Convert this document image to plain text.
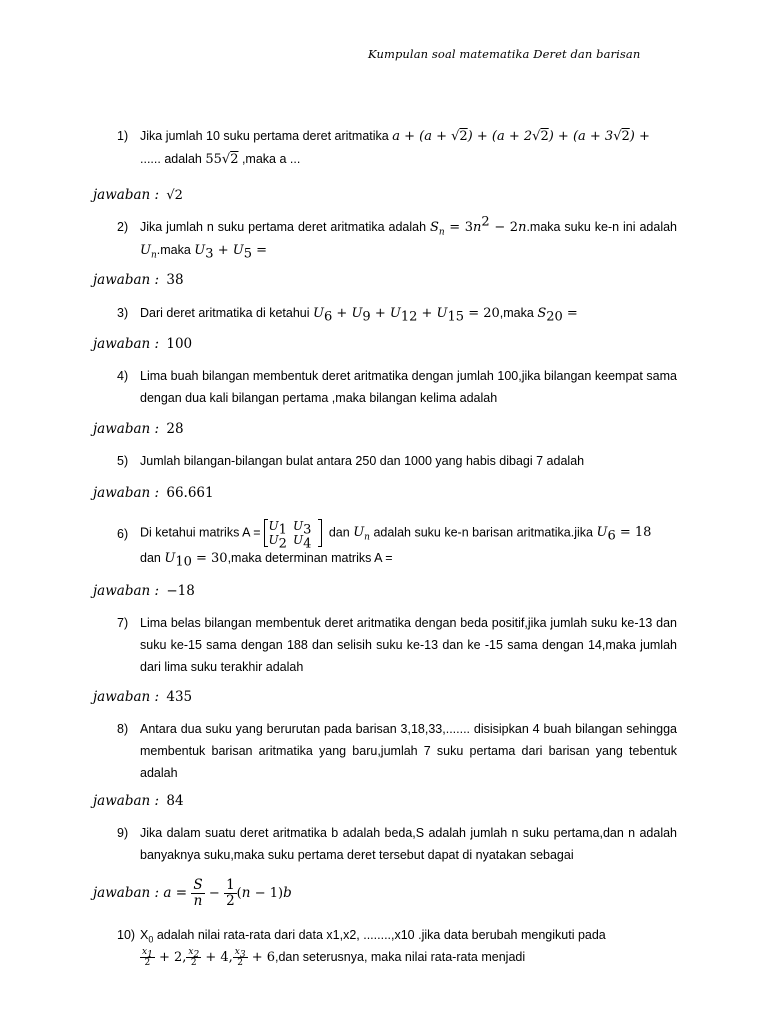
Kumpulan soal matematika Deret dan barisan
1) Jika jumlah 10 suku pertama deret aritmatika a + (a + √2) + (a + 2√2) + (a + 3√2) +
...... adalah 55√2 ,maka a ...
jawaban : √2
2) Jika jumlah n suku pertama deret aritmatika adalah $S_n = 3n^2$ − 2n.maka suku ke-n ini adalah $U_n.maka$ $U_3 + U_5$ =
jawaban : 38
3) Dari deret aritmatika di ketahui $U_6 + U_9 + U_{12} + U_{15}$ = 20,maka $S_{20}$ =
jawaban : 100
4) Lima buah bilangan membentuk deret aritmatika dengan jumlah 100,jika bilangan keempat sama dengan dua kali bilangan pertama ,maka bilangan kelima adalah
jawaban : 28
5) Jumlah bilangan-bilangan bulat antara 250 dan 1000 yang habis dibagi 7 adalah
jawaban : 66.661
6) Di ketahui matriks $A = U_1$	$U_3$
$U_2$	$U_4$
dan $U_n$ adalah suku ke-n barisan aritmatika.jika $U_6 = 18$
dan $U_{10}$ = 30,maka determinan matriks A =
jawaban : −18
7) Lima belas bilangan membentuk deret aritmatika dengan beda positif,jika jumlah suku ke-13 dan suku ke-15 sama dengan 188 dan selisih suku ke-13 dan ke -15 sama dengan 14,maka jumlah dari lima suku terakhir adalah
jawaban : 435
8) Antara dua suku yang berurutan pada barisan 3,18,33,....... disisipkan 4 buah bilangan sehingga membentuk barisan aritmatika yang baru,jumlah 7 suku pertama dari barisan yang tebentuk adalah
jawaban : 84
9) Jika dalam suatu deret aritmatika b adalah beda,S adalah jumlah n suku pertama,dan n adalah banyaknya suku,maka suku pertama deret tersebut dapat di nyatakan sebagai
jawaban : $a = \frac{S}{n} - \frac{1}{2} (n - 1)b$
10) $X_0$ adalah nilai rata-rata dari data x1,x2, ........,x10 .jika data berubah mengikuti pada

$\frac{x_1}{2} + 2$, $\frac{x_2}{2} + 4$, $\frac{x_3}{2} + 6,dan$ seterusnya, maka nilai rata-rata menjadi
